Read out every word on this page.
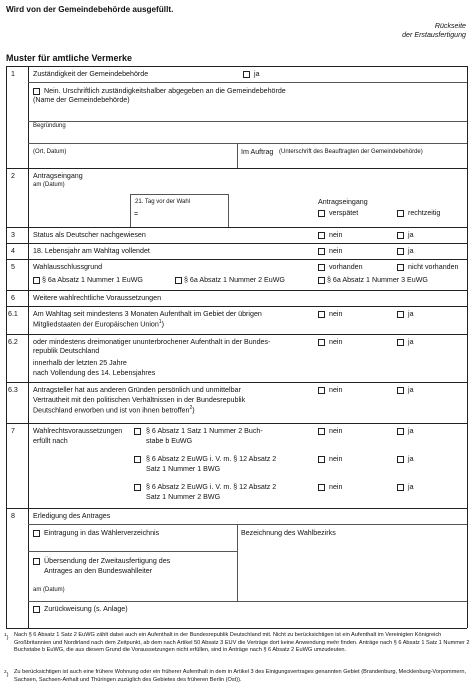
Wird von der Gemeindebehörde ausgefüllt.
Rückseite
der Erstausfertigung
Muster für amtliche Vermerke
1	Zuständigkeit der Gemeindebehörde	ja
Nein. Urschriftlich zuständigkeitshalber abgegeben an die Gemeindebehörde
(Name der Gemeindebehörde)
Begründung
(Ort, Datum)	Im Auftrag (Unterschrift des Beauftragten der Gemeindebehörde)
2	Antragseingang
am (Datum)
21. Tag vor der Wahl
=
Antragseingang
verspätet	rechtzeitig
3	Status als Deutscher nachgewiesen	nein	ja
4	18. Lebensjahr am Wahltag vollendet	nein	ja
5	Wahlausschlussgrund	vorhanden	nicht vorhanden
§ 6a Absatz 1 Nummer 1 EuWG	§ 6a Absatz 1 Nummer 2 EuWG	§ 6a Absatz 1 Nummer 3 EuWG
6	Weitere wahlrechtliche Voraussetzungen
6.1 Am Wahltag seit mindestens 3 Monaten Aufenthalt im Gebiet der übrigen
Mitgliedstaaten der Europäischen Union$^1$)
nein	ja
6.2 oder mindestens dreimonatiger ununterbrochener Aufenthalt in der Bundes-
republik Deutschland
innerhalb der letzten 25 Jahre
nach Vollendung des 14. Lebensjahres
nein	ja
6.3 Antragsteller hat aus anderen Gründen persönlich und unmittelbar
Vertrautheit mit den politischen Verhältnissen in der Bundesrepublik
Deutschland erworben und ist von ihnen betroffen$^2$)
nein	ja
7	Wahlrechtsvoraussetzungen
erfüllt nach
§ 6 Absatz 1 Satz 1 Nummer 2 Buch-
stabe b EuWG
nein	ja
§ 6 Absatz 2 EuWG i. V. m. § 12 Absatz 2
Satz 1 Nummer 1 BWG
nein	ja
§ 6 Absatz 2 EuWG i. V. m. § 12 Absatz 2
Satz 1 Nummer 2 BWG
nein	ja
8	Erledigung des Antrages
Eintragung in das Wählerverzeichnis	Bezeichnung des Wahlbezirks
Übersendung der Zweitausfertigung des
Antrages an den Bundeswahlleiter
am (Datum)
Zurückweisung (s. Anlage)
$^1$) Nach § 6 Absatz 1 Satz 2 EuWG zählt dabei auch ein Aufenthalt in der Bundesrepublik Deutschland mit. Nicht zu berücksichtigen ist ein Aufenthalt im Vereinigten Königreich Großbritannien und Nordirland nach dem Zeitpunkt, ab dem nach Artikel 50 Absatz 3 EUV die Verträge dort keine Anwendung mehr finden. Anträge nach § 6 Absatz 1 Satz 1 Nummer 2 Buchstabe b EuWG, die aus diesem Grund die Voraussetzungen nicht erfüllen, sind in Anträge nach § 6 Absatz 2 EuWG umzudeuten.
$^2$) Zu berücksichtigen ist auch eine frühere Wohnung oder ein früherer Aufenthalt in dem in Artikel 3 des Einigungsvertrages genannten Gebiet (Brandenburg, Mecklenburg-Vorpommern, Sachsen, Sachsen-Anhalt und Thüringen zuzüglich des Gebietes des früheren Berlin (Ost)).
